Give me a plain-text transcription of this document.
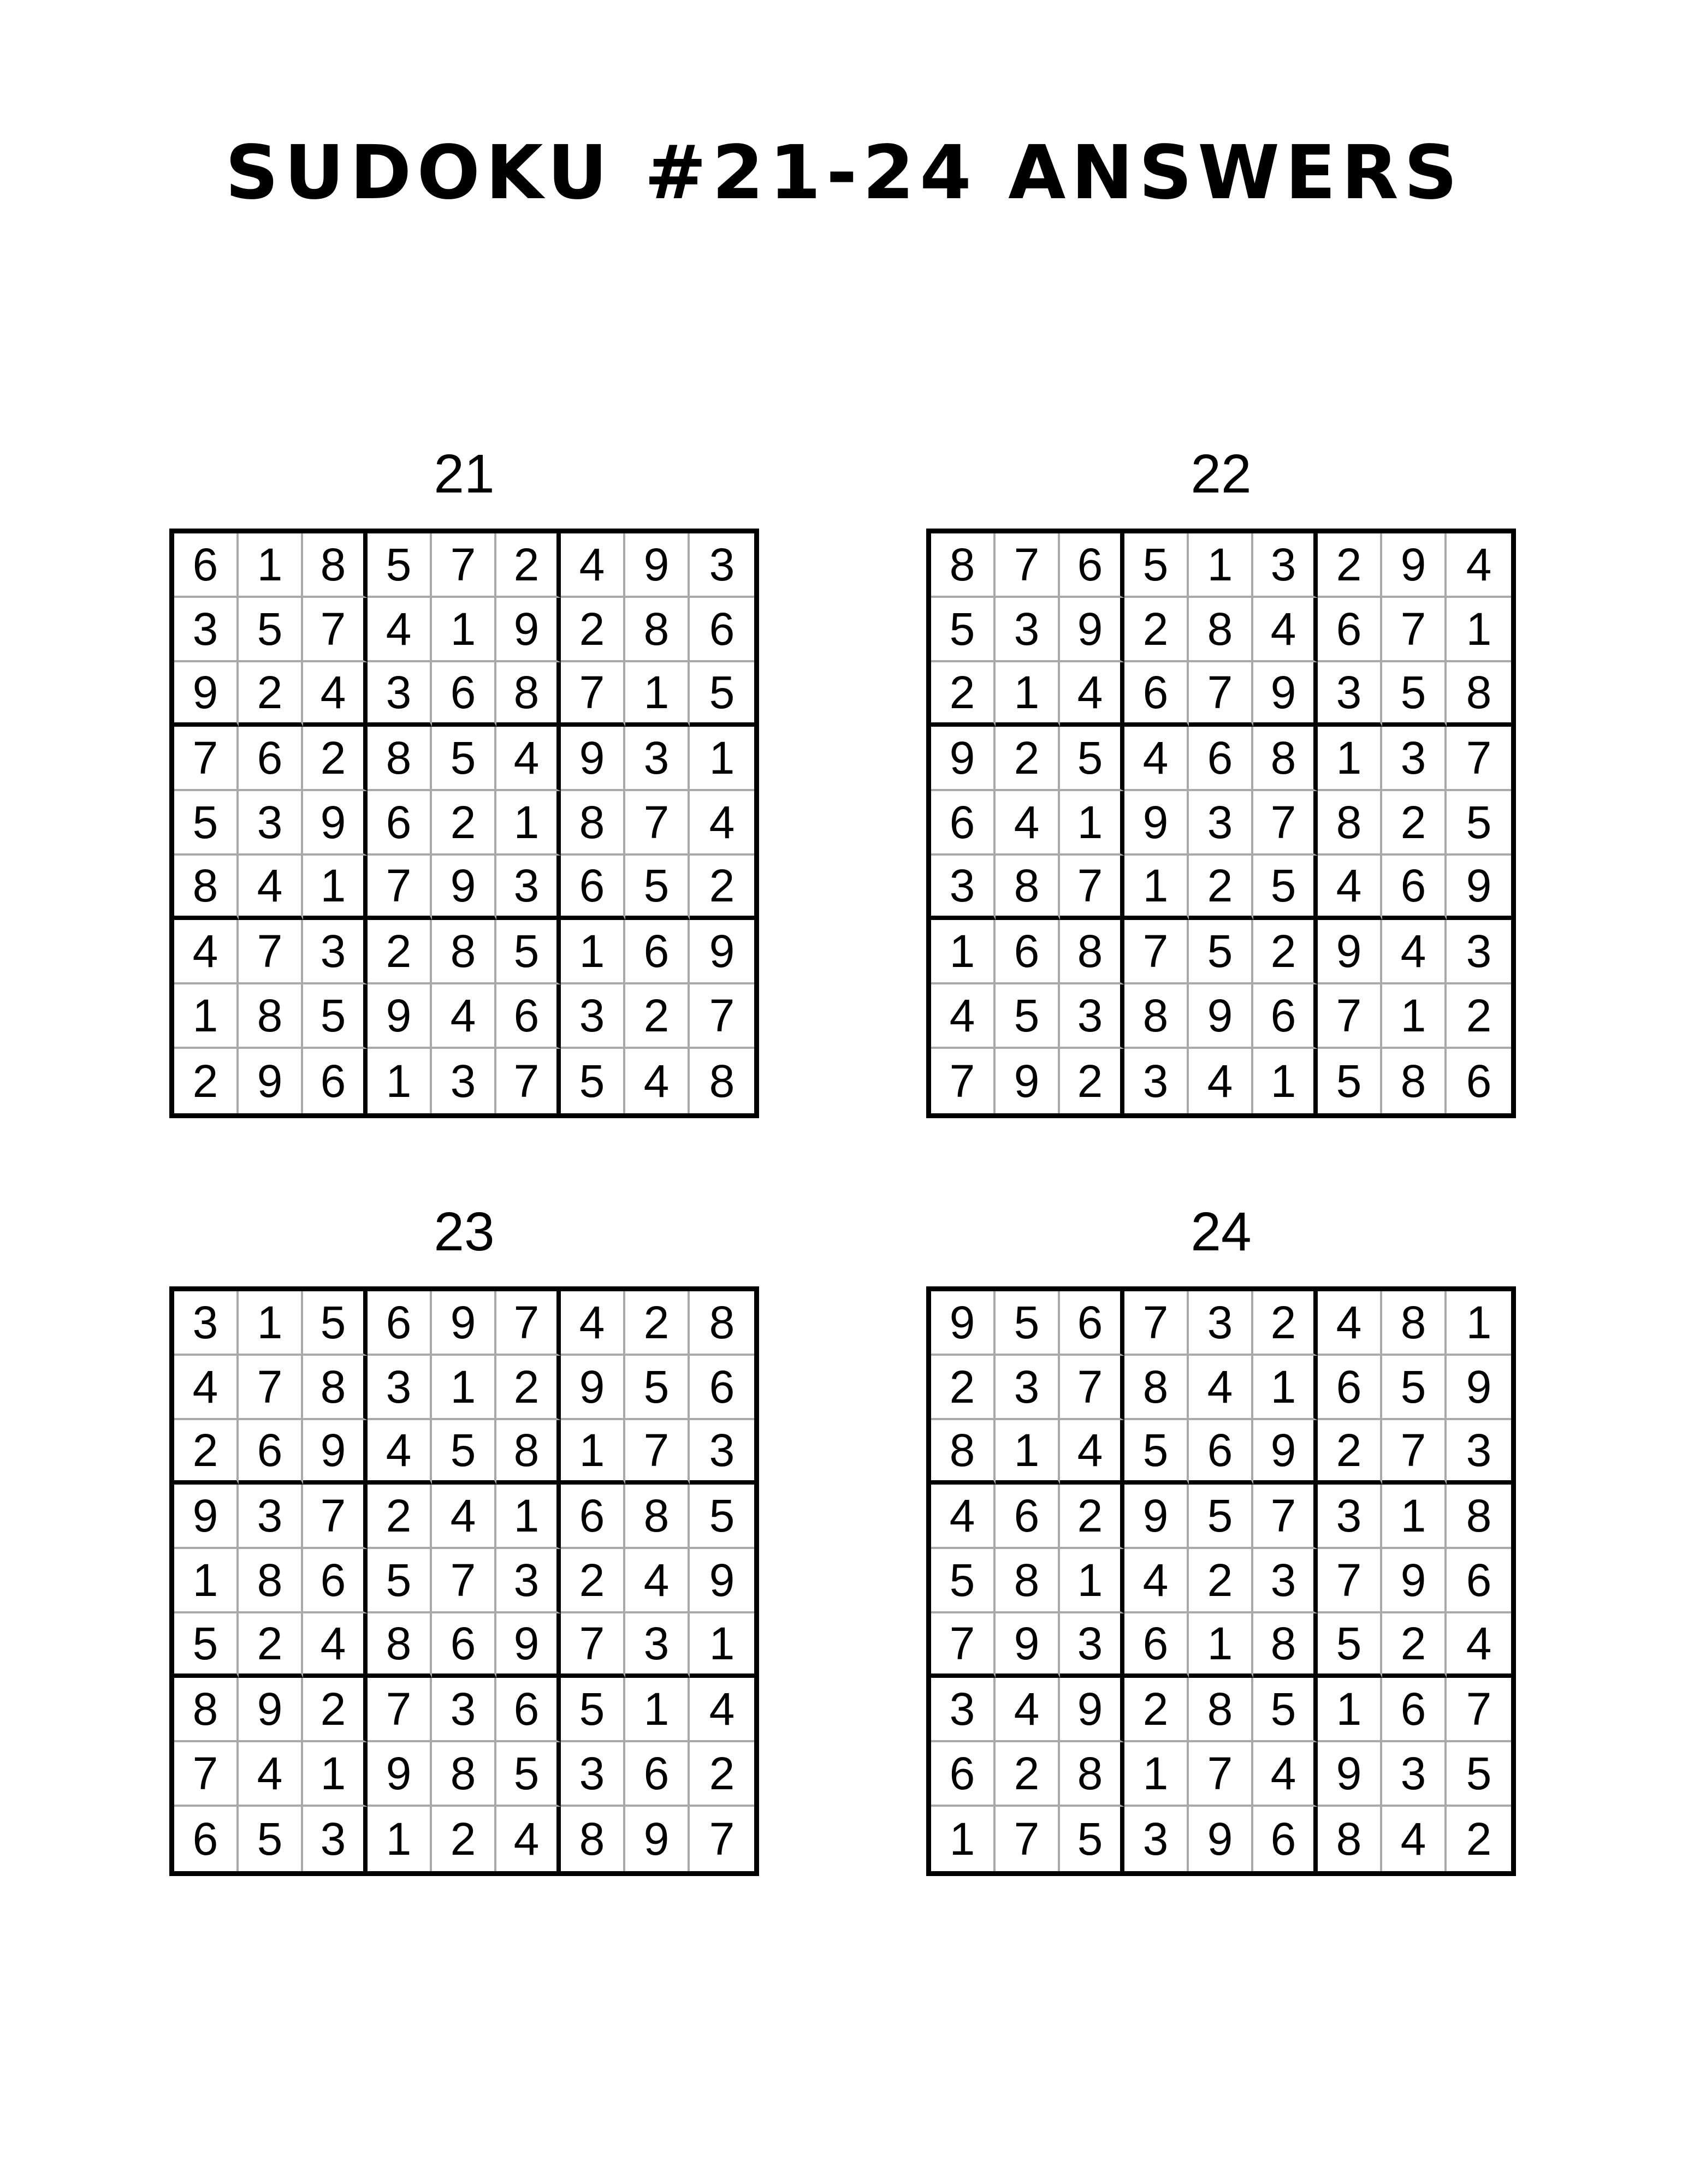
SUDOKU #21-24 ANSWERS
21
6 1 8 5 7 2 4 9 3
3 5 7 4 1 9 2 8 6
9 2 4 3 6 8 7 1 5
7 6 2 8 5 4 9 3 1
5 3 9 6 2 1 8 7 4
8 4 1 7 9 3 6 5 2
4 7 3 2 8 5 1 6 9
1 8 5 9 4 6 3 2 7
2 9 6 1 3 7 5 4 8
22
8 7 6 5 1 3 2 9 4
5 3 9 2 8 4 6 7 1
2 1 4 6 7 9 3 5 8
9 2 5 4 6 8 1 3 7
6 4 1 9 3 7 8 2 5
3 8 7 1 2 5 4 6 9
1 6 8 7 5 2 9 4 3
4 5 3 8 9 6 7 1 2
7 9 2 3 4 1 5 8 6
23
3 1 5 6 9 7 4 2 8
4 7 8 3 1 2 9 5 6
2 6 9 4 5 8 1 7 3
9 3 7 2 4 1 6 8 5
1 8 6 5 7 3 2 4 9
5 2 4 8 6 9 7 3 1
8 9 2 7 3 6 5 1 4
7 4 1 9 8 5 3 6 2
6 5 3 1 2 4 8 9 7
24
9 5 6 7 3 2 4 8 1
2 3 7 8 4 1 6 5 9
8 1 4 5 6 9 2 7 3
4 6 2 9 5 7 3 1 8
5 8 1 4 2 3 7 9 6
7 9 3 6 1 8 5 2 4
3 4 9 2 8 5 1 6 7
6 2 8 1 7 4 9 3 5
1 7 5 3 9 6 8 4 2
